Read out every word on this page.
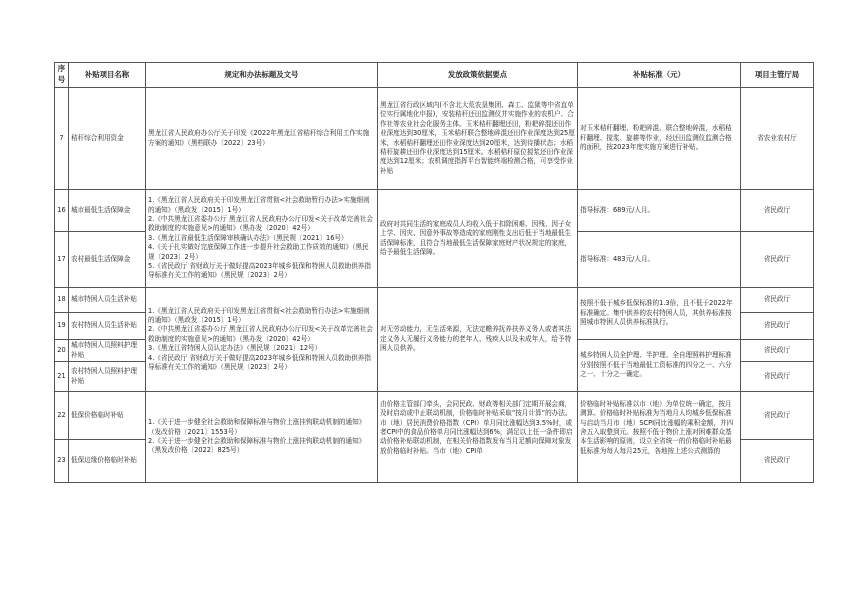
序号	补贴项目名称	规定和办法标题及文号	发放政策依据要点	补贴标准（元）	项目主管厅局
7	秸秆综合利用资金	黑龙江省人民政府办公厅关于印发《2022年黑龙江省秸秆综合利用工作实施方案的通知》（黑档联办〔2022〕23号）	黑龙江省行政区域内(不含北大荒农垦集团、森工、监狱等中省直单位实行属地化申报)，安装秸秆还田监测仪并实施作业的农机户、合作社等农业社会化服务主体。玉米秸秆翻埋还田，粉耙碎混还田作业深度达到30厘米，玉米秸秆联合整地碎混还田作业深度达到25厘米，水稻秸秆翻埋还田作业深度达到20厘米，达到待播状态；水稻秸秆旋耕还田作业深度达到15厘米。水稻秸秆原位搅浆还田作业深度达到12厘米；农机调度指挥平台智能终端检测合格，可享受作业补贴	对玉米秸秆翻埋、粉耙碎混、联合整地碎混，水稻秸秆翻埋、搅浆、旋耕等作业，经还田监测仪监测合格的面积，按2023年度实施方案进行补贴。	省农业农村厅
16	城市最低生活保障金	1.《黑龙江省人民政府关于印发黑龙江省贯彻<社会救助暂行办法>实施细则的通知》（黑政发〔2015〕1号）
2.《中共黑龙江省委办公厅 黑龙江省人民政府办公厅印发<关于改革完善社会救助制度的实施意见>的通知》（黑办发〔2020〕42号）
3.《黑龙江省最低生活保障审核确认办法》（黑民规〔2021〕16号）
4.《关于扎实做好完底保障工作进一步提升社会救助工作质效的通知》（黑民规〔2023〕2号）
5.《省民政厅 省财政厅关于做好提高2023年城乡低保和特困人员救助供养指导标准有关工作的通知》（黑民规〔2023〕2号）	政府对共同生活的家庭成员人均收入低于扣除困难、因残、因子女上学、因灾、因意外事故等造成的家庭刚性支出后低于当地最低生活保障标准，且符合当地最低生活保障家庭财产状况规定的家庭，给予最低生活保障。	指导标准：689元/人月。	省民政厅
17	农村最低生活保障金			指导标准：483元/人月。	省民政厅
18	城市特困人员生活补贴	1.《黑龙江省人民政府关于印发黑龙江省贯彻<社会救助暂行办法>实施细则的通知》（黑政发〔2015〕1号）
2.《中共黑龙江省委办公厅 黑龙江省人民政府办公厅印发<关于改革完善社会救助制度的实施意见>的通知》（黑办发〔2020〕42号）
3.《黑龙江省特困人员认定办法》（黑民规〔2021〕12号）
4.《省民政厅 省财政厅关于做好提高2023年城乡低保和特困人员救助供养指导标准有关工作的通知》（黑民规〔2023〕2号）	对无劳动能力，无生活来源，无法定赡养抚养扶养义务人或者其法定义务人无履行义务能力的老年人、残疾人以及未成年人，给予特困人员供养。	按照不低于城乡低保标准的1.3倍，且不低于2022年标准确定。集中供养的农村特困人员，其供养标准按照城市特困人员供养标准执行。	省民政厅
19	农村特困人员生活补贴				省民政厅
20	城市特困人员照料护理补贴			城乡特困人员全护理、半护理、全自理照料护理标准分别按照不低于当地最低工资标准的四分之一、六分之一、十分之一确定。	省民政厅
21	农村特困人员照料护理补贴				省民政厅
22	低保价格临时补贴	1.《关于进一步健全社会救助和保障标准与物价上涨挂钩联动机制的通知》（发改价格〔2021〕1553号）
2.《关于进一步健全社会救助和保障标准与物价上涨挂钩联动机制的通知》（黑发改价格〔2022〕825号）	由价格主管部门牵头，会同民政、财政等相关部门定期开展会商，及时启动或中止联动机制，价格临时补贴采取“按月计算”的办法。市（地）居民消费价格指数（CPI）单月同比涨幅达到3.5%时，或者CPI中的食品价格单月同比涨幅达到6%，满足以上任一条件即启动价格补贴联动机制，在相关价格指数发布当月足额向保障对象发放价格临时补贴。当市（地）CPI单	价格临时补贴标准以市（地）为单位统一确定，按月测算。价格临时补贴标准为当地月人均城乡低保标准与启动当月市（地）SCPI同比涨幅的乘积金额，并四舍五入取整到元。按照不低于物价上涨对困难群众基本生活影响的原则，设立全省统一的价格临时补贴最低标准为每人每月25元，各地按上述公式测算的	省民政厅
23	低保边缘价格临时补贴				省民政厅
